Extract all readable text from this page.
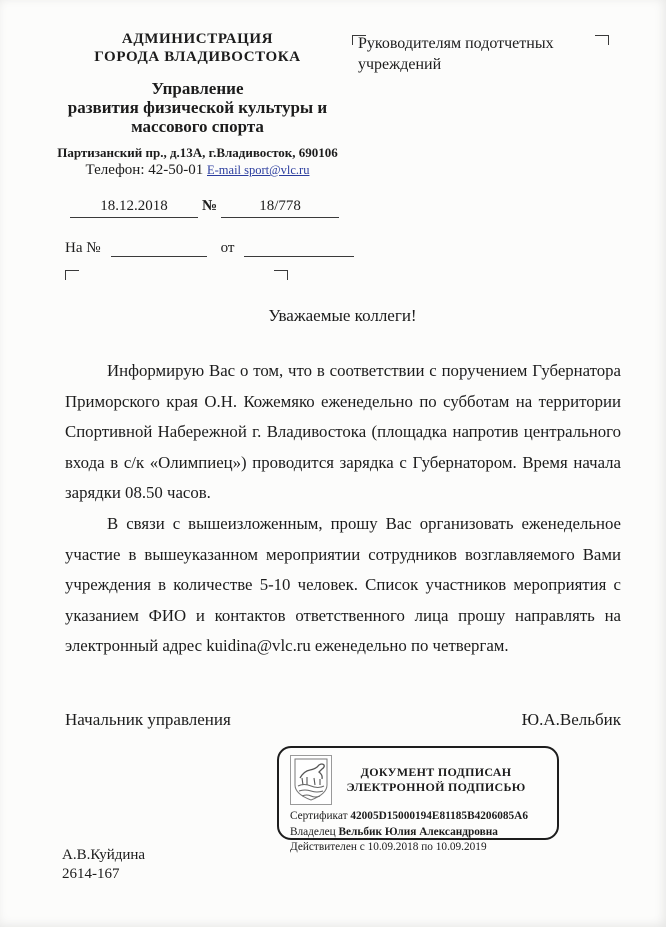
АДМИНИСТРАЦИЯ
ГОРОДА ВЛАДИВОСТОКА
Управление
развития физической культуры и
массового спорта
Партизанский пр., д.13А, г.Владивосток, 690106
Телефон: 42-50-01 E-mail sport@vlc.ru
Руководителям подотчетных
учреждений
18.12.2018 №	18/778
На №	от
Уважаемые коллеги!

Информирую Вас о том, что в соответствии с поручением Губернатора Приморского края О.Н. Кожемяко еженедельно по субботам на территории Спортивной Набережной г. Владивостока (площадка напротив центрального входа в с/к «Олимпиец») проводится зарядка с Губернатором. Время начала зарядки 08.50 часов.

В связи с вышеизложенным, прошу Вас организовать еженедельное участие в вышеуказанном мероприятии сотрудников возглавляемого Вами учреждения в количестве 5-10 человек. Список участников мероприятия с указанием ФИО и контактов ответственного лица прошу направлять на электронный адрес kuidina@vlc.ru еженедельно по четвергам.

Начальник управления	Ю.А.Вельбик
ДОКУМЕНТ ПОДПИСАН
ЭЛЕКТРОННОЙ ПОДПИСЬЮ
Сертификат 42005D15000194E81185B4206085A6
Владелец Вельбик Юлия Александровна
Действителен с 10.09.2018 по 10.09.2019
А.В.Куйдина
2614-167
